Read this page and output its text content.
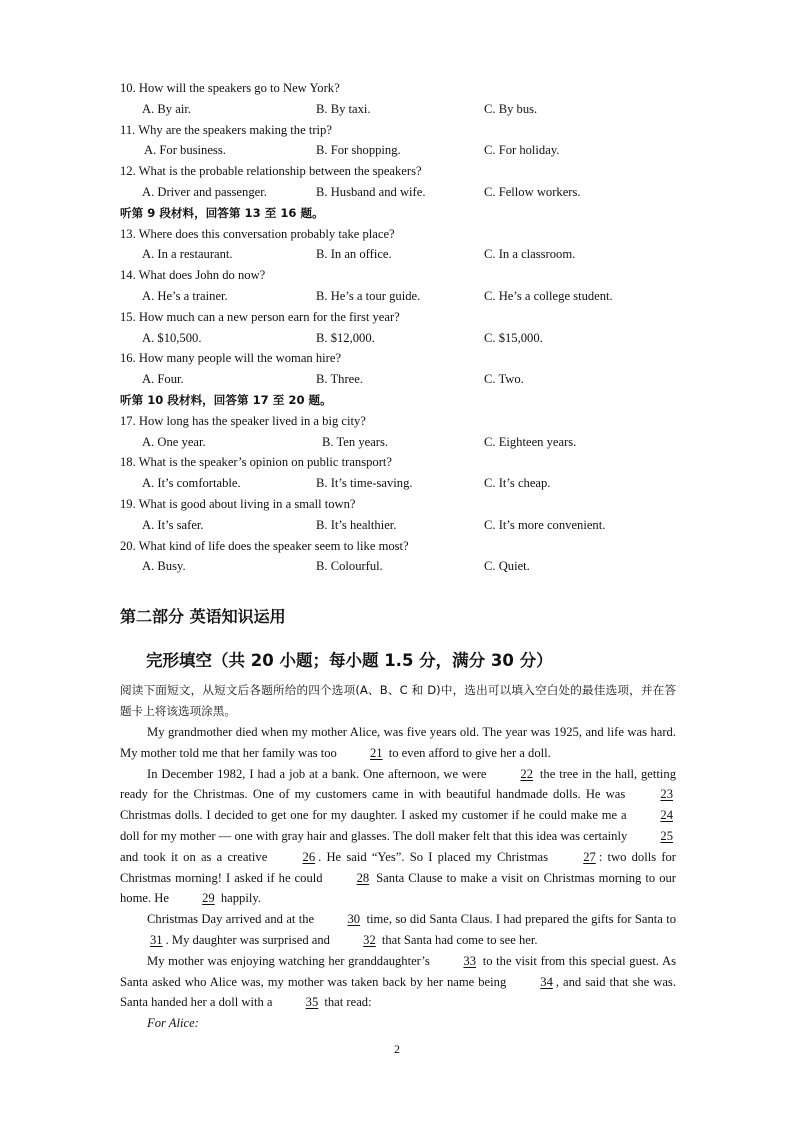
10. How will the speakers go to New York?
A. By air.	B. By taxi.	C. By bus.
11. Why are the speakers making the trip?
A. For business.	B. For shopping.	C. For holiday.
12. What is the probable relationship between the speakers?
A. Driver and passenger.	B. Husband and wife.	C. Fellow workers.
听第 9 段材料，回答第 13 至 16 题。
13. Where does this conversation probably take place?
A. In a restaurant.	B. In an office.	C. In a classroom.
14. What does John do now?
A. He’s a trainer.	B. He’s a tour guide.	C. He’s a college student.
15. How much can a new person earn for the first year?
A. $10,500.	B. $12,000.	C. $15,000.
16. How many people will the woman hire?
A. Four.	B. Three.	C. Two.
听第 10 段材料，回答第 17 至 20 题。
17. How long has the speaker lived in a big city?
A. One year.	B. Ten years.	C. Eighteen years.
18. What is the speaker’s opinion on public transport?
A. It’s comfortable.	B. It’s time-saving.	C. It’s cheap.
19. What is good about living in a small town?
A. It’s safer.	B. It’s healthier.	C. It’s more convenient.
20. What kind of life does the speaker seem to like most?
A. Busy.	B. Colourful.	C. Quiet.
第二部分 英语知识运用
完形填空（共 20 小题；每小题 1.5 分，满分 30 分）
阅读下面短文，从短文后各题所给的四个选项(A、B、C 和 D)中，选出可以填入空白处的最佳选项，并在答题卡上将该选项涂黑。

My grandmother died when my mother Alice, was five years old. The year was 1925, and life was hard. My mother told me that her family was too 21 to even afford to give her a doll.

In December 1982, I had a job at a bank. One afternoon, we were 22 the tree in the hall, getting ready for the Christmas. One of my customers came in with beautiful handmade dolls. He was 23 Christmas dolls. I decided to get one for my daughter. I asked my customer if he could make me a 24 doll for my mother — one with gray hair and glasses. The doll maker felt that this idea was certainly 25 and took it on as a creative 26 . He said “Yes”. So I placed my Christmas 27 : two dolls for Christmas morning! I asked if he could 28 Santa Clause to make a visit on Christmas morning to our home. He 29 happily.

Christmas Day arrived and at the 30 time, so did Santa Claus. I had prepared the gifts for Santa to 31 . My daughter was surprised and 32 that Santa had come to see her.

My mother was enjoying watching her granddaughter’s 33 to the visit from this special guest. As Santa asked who Alice was, my mother was taken back by her name being 34 , and said that she was. Santa handed her a doll with a 35 that read:

For Alice:

2
